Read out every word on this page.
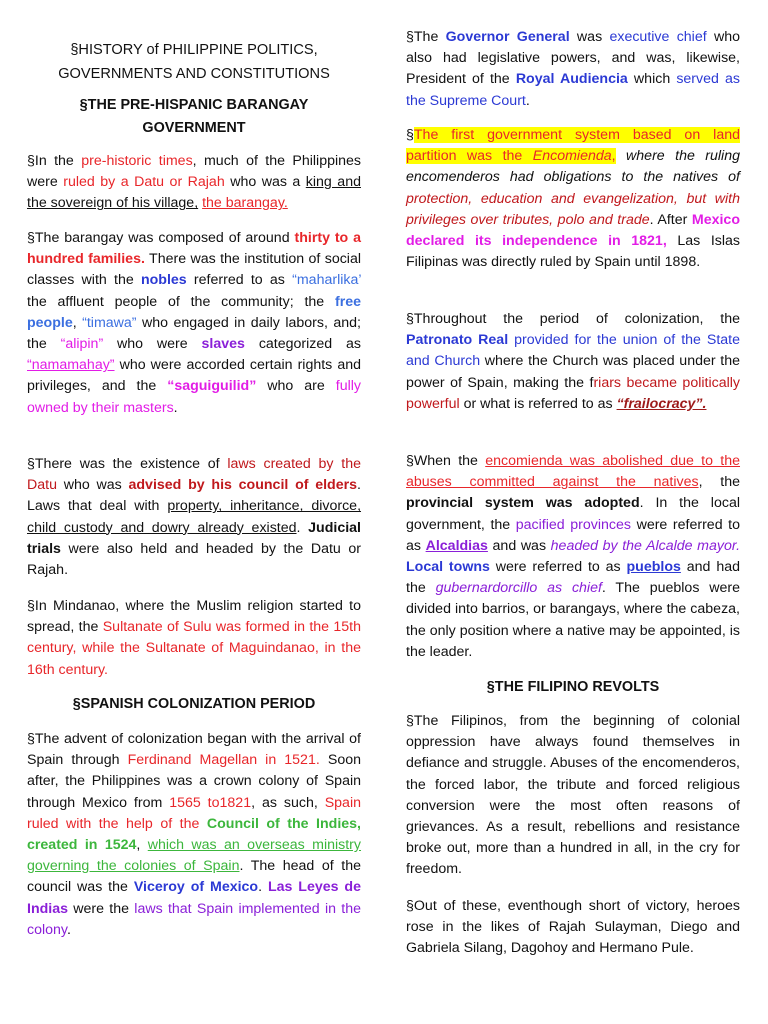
§HISTORY of PHILIPPINE POLITICS, GOVERNMENTS AND CONSTITUTIONS

§THE PRE-HISPANIC BARANGAY GOVERNMENT

§In the pre-historic times, much of the Philippines were ruled by a Datu or Rajah who was a king and the sovereign of his village, the barangay.

§The barangay was composed of around thirty to a hundred families. There was the institution of social classes with the nobles referred to as “maharlika’ the affluent people of the community; the free people, “timawa” who engaged in daily labors, and; the “alipin” who were slaves categorized as “namamahay” who were accorded certain rights and privileges, and the “saguiguilid” who are fully owned by their masters.

§There was the existence of laws created by the Datu who was advised by his council of elders. Laws that deal with property, inheritance, divorce, child custody and dowry already existed. Judicial trials were also held and headed by the Datu or Rajah.

§In Mindanao, where the Muslim religion started to spread, the Sultanate of Sulu was formed in the 15th century, while the Sultanate of Maguindanao, in the 16th century.

§SPANISH COLONIZATION PERIOD

§The advent of colonization began with the arrival of Spain through Ferdinand Magellan in 1521. Soon after, the Philippines was a crown colony of Spain through Mexico from 1565 to1821, as such, Spain ruled with the help of the Council of the Indies, created in 1524, which was an overseas ministry governing the colonies of Spain. The head of the council was the Viceroy of Mexico. Las Leyes de Indias were the laws that Spain implemented in the colony.

§The Governor General was executive chief who also had legislative powers, and was, likewise, President of the Royal Audiencia which served as the Supreme Court.

§The first government system based on land partition was the Encomienda, where the ruling encomenderos had obligations to the natives of protection, education and evangelization, but with privileges over tributes, polo and trade. After Mexico declared its independence in 1821, Las Islas Filipinas was directly ruled by Spain until 1898.

§Throughout the period of colonization, the Patronato Real provided for the union of the State and Church where the Church was placed under the power of Spain, making the friars became politically powerful or what is referred to as “frailocracy”.

§When the encomienda was abolished due to the abuses committed against the natives, the provincial system was adopted. In the local government, the pacified provinces were referred to as Alcaldias and was headed by the Alcalde mayor. Local towns were referred to as pueblos and had the gubernardorcillo as chief. The pueblos were divided into barrios, or barangays, where the cabeza, the only position where a native may be appointed, is the leader.

§THE FILIPINO REVOLTS

§The Filipinos, from the beginning of colonial oppression have always found themselves in defiance and struggle. Abuses of the encomenderos, the forced labor, the tribute and forced religious conversion were the most often reasons of grievances. As a result, rebellions and resistance broke out, more than a hundred in all, in the cry for freedom.

§Out of these, eventhough short of victory, heroes rose in the likes of Rajah Sulayman, Diego and Gabriela Silang, Dagohoy and Hermano Pule.
